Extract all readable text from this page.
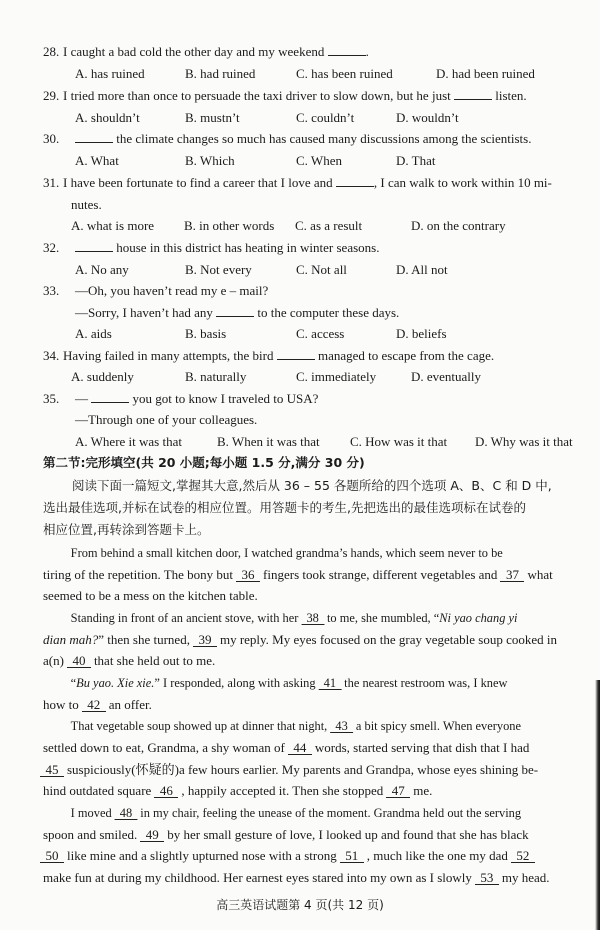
28. I caught a bad cold the other day and my weekend	.
A. has ruined	B. had ruined	C. has been ruined	D. had been ruined
29. I tried more than once to persuade the taxi driver to slow down, but he just	listen.
A. shouldn’t	B. mustn’t	C. couldn’t	D. wouldn’t
30.	the climate changes so much has caused many discussions among the scientists.
A. What	B. Which	C. When	D. That
31. I have been fortunate to find a career that I love and	, I can walk to work within 10 mi-
nutes.
A. what is more B. in other words C. as a result	D. on the contrary
32.	house in this district has heating in winter seasons.
A. No any	B. Not every	C. Not all	D. All not
33. —Oh, you haven’t read my e – mail?
—Sorry, I haven’t had any	to the computer these days.
A. aids	B. basis	C. access	D. beliefs
34. Having failed in many attempts, the bird	managed to escape from the cage.
A. suddenly	B. naturally	C. immediately	D. eventually
35. —	you got to know I traveled to USA?
—Through one of your colleagues.
A. Where it was that	B. When it was that C. How was it that D. Why was it that
第二节:完形填空(共 20 小题;每小题 1.5 分,满分 30 分)
阅读下面一篇短文,掌握其大意,然后从 36 – 55 各题所给的四个选项 A、B、C 和 D 中,
选出最佳选项,并标在试卷的相应位置。用答题卡的考生,先把选出的最佳选项标在试卷的
相应位置,再转涂到答题卡上。
From behind a small kitchen door, I watched grandma’s hands, which seem never to be
tiring of the repetition. The bony but 36 fingers took strange, different vegetables and 37 what
seemed to be a mess on the kitchen table.
Standing in front of an ancient stove, with her 38 to me, she mumbled, “Ni yao chang yi
dian mah?” then she turned, 39 my reply. My eyes focused on the gray vegetable soup cooked in
a(n) 40 that she held out to me.
“Bu yao. Xie xie.” I responded, along with asking 41 the nearest restroom was, I knew
how to 42 an offer.
That vegetable soup showed up at dinner that night, 43 a bit spicy smell. When everyone
settled down to eat, Grandma, a shy woman of 44 words, started serving that dish that I had
45 suspiciously(怀疑的)a few hours earlier. My parents and Grandpa, whose eyes shining be-
hind outdated square 46 , happily accepted it. Then she stopped 47 me.
I moved 48 in my chair, feeling the unease of the moment. Grandma held out the serving
spoon and smiled. 49 by her small gesture of love, I looked up and found that she has black
50 like mine and a slightly upturned nose with a strong 51 , much like the one my dad 52
make fun at during my childhood. Her earnest eyes stared into my own as I slowly 53 my head.
高三英语试题第 4 页(共 12 页)
